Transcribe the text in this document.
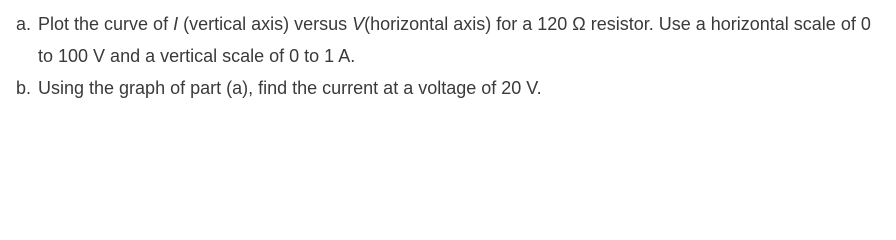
a. Plot the curve of I (vertical axis) versus V(horizontal axis) for a 120 Ω resistor. Use a horizontal scale of 0
to 100 V and a vertical scale of 0 to 1 A.
b. Using the graph of part (a), find the current at a voltage of 20 V.
